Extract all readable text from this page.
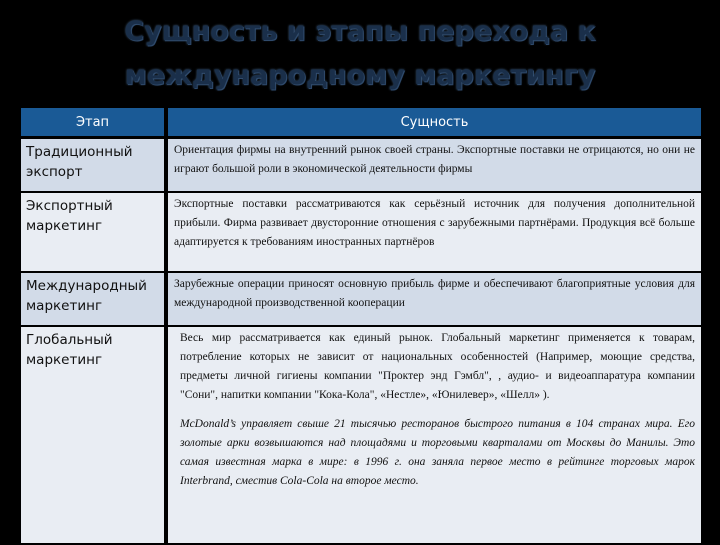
Сущность и этапы перехода к
международному маркетингу
Этап	Сущность
Традиционный экспорт	Ориентация фирмы на внутренний рынок своей страны. Экспортные поставки не отрицаются, но они не играют большой роли в экономической деятельности фирмы

Экспортный маркетинг	Экспортные поставки рассматриваются как серьёзный источник для получения дополнительной прибыли. Фирма развивает двусторонние отношения с зарубежными партнёрами. Продукция всё больше адаптируется к требованиям иностранных партнёров

Международный маркетинг	Зарубежные операции приносят основную прибыль фирме и обеспечивают благоприятные условия для международной производственной кооперации

Глобальный маркетинг	Весь мир рассматривается как единый рынок. Глобальный маркетинг применяется к товарам, потребление которых не зависит от национальных особенностей (Например, моющие средства, предметы личной гигиены компании "Проктер энд Гэмбл", , аудио- и видеоаппаратура компании "Сони", напитки компании "Кока-Кола", «Нестле», «Юнилевер», «Шелл» ).

McDonald’s управляет свыше 21 тысячью ресторанов быстрого питания в 104 странах мира. Его золотые арки возвышаются над площадями и торговыми кварталами от Москвы до Манилы. Это самая известная марка в мире: в 1996 г. она заняла первое место в рейтинге торговых марок Interbrand, сместив Cola-Cola на второе место.
